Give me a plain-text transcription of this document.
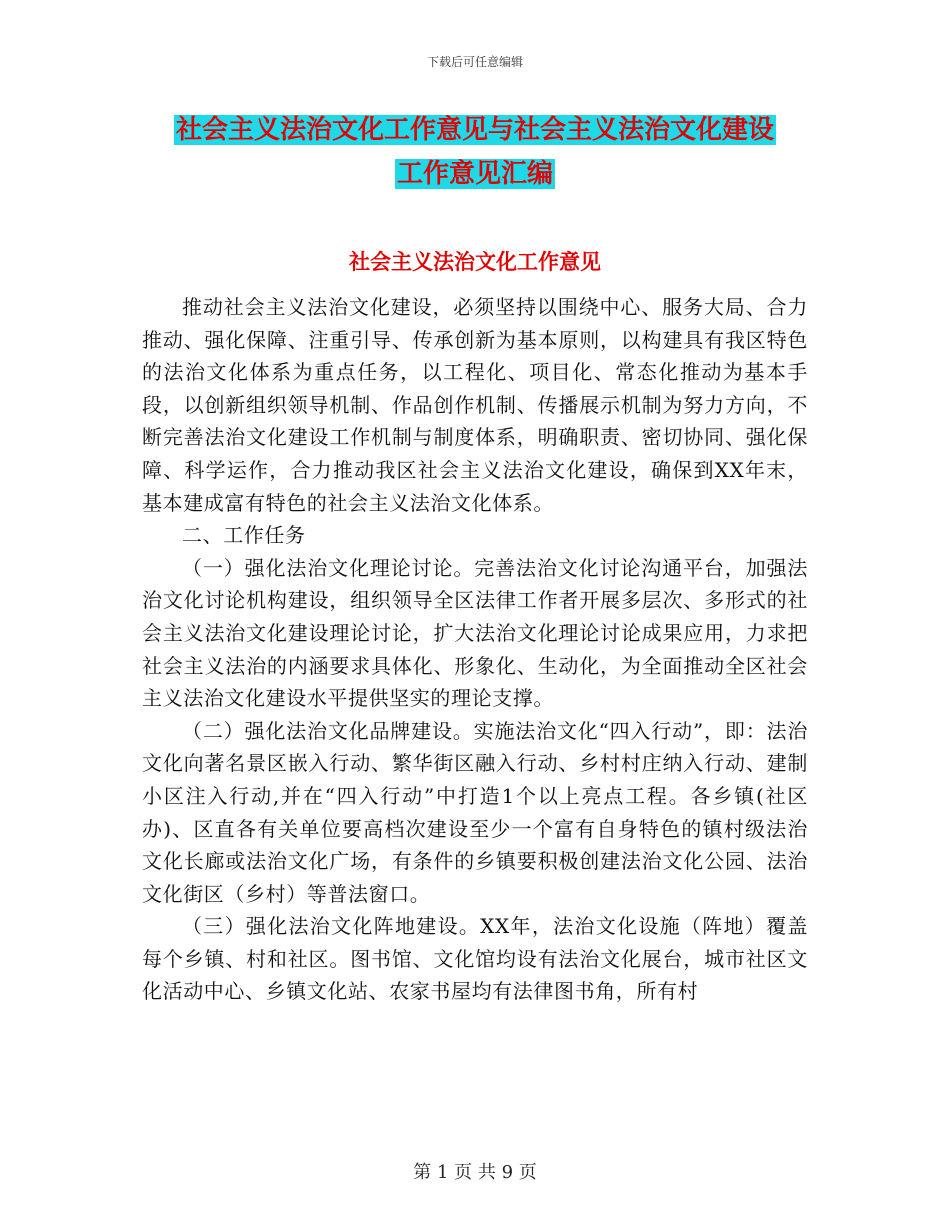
下载后可任意编辑
社会主义法治文化工作意见与社会主义法治文化建设
工作意见汇编
社会主义法治文化工作意见

推动社会主义法治文化建设，必须坚持以围绕中心、服务大局、合力推动、强化保障、注重引导、传承创新为基本原则，以构建具有我区特色的法治文化体系为重点任务，以工程化、项目化、常态化推动为基本手段，以创新组织领导机制、作品创作机制、传播展示机制为努力方向，不断完善法治文化建设工作机制与制度体系，明确职责、密切协同、强化保障、科学运作，合力推动我区社会主义法治文化建设，确保到XX年末，基本建成富有特色的社会主义法治文化体系。

二、工作任务

（一）强化法治文化理论讨论。完善法治文化讨论沟通平台，加强法治文化讨论机构建设，组织领导全区法律工作者开展多层次、多形式的社会主义法治文化建设理论讨论，扩大法治文化理论讨论成果应用，力求把社会主义法治的内涵要求具体化、形象化、生动化，为全面推动全区社会主义法治文化建设水平提供坚实的理论支撑。

（二）强化法治文化品牌建设。实施法治文化“四入行动”，即：法治文化向著名景区嵌入行动、繁华街区融入行动、乡村村庄纳入行动、建制小区注入行动,并在“四入行动”中打造1个以上亮点工程。各乡镇(社区办)、区直各有关单位要高档次建设至少一个富有自身特色的镇村级法治文化长廊或法治文化广场，有条件的乡镇要积极创建法治文化公园、法治文化街区（乡村）等普法窗口。

（三）强化法治文化阵地建设。XX年，法治文化设施（阵地）覆盖每个乡镇、村和社区。图书馆、文化馆均设有法治文化展台，城市社区文化活动中心、乡镇文化站、农家书屋均有法律图书角，所有村

第 1 页 共 9 页
